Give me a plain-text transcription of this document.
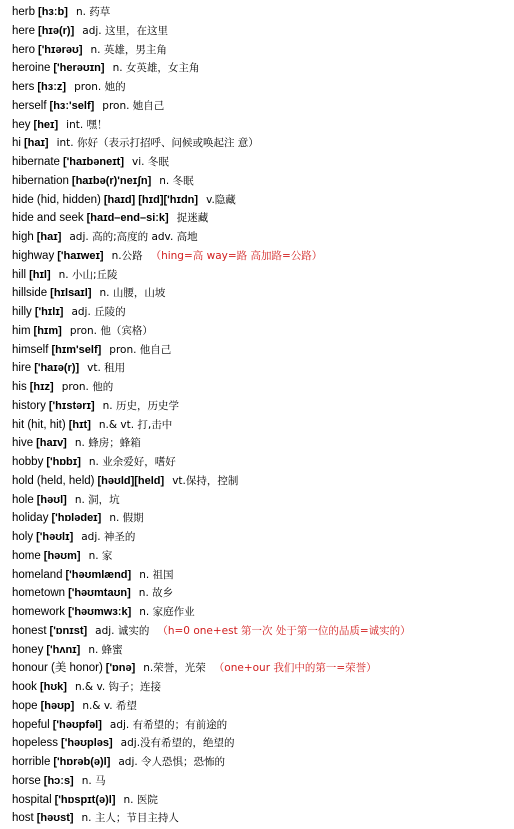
herb [hɜːb] n. 药草
here [hɪə(r)] adj. 这里，在这里
hero ['hɪərəʊ] n. 英雄，男主角
heroine ['herəʊɪn] n. 女英雄，女主角
hers [hɜːz] pron. 她的
herself [hɜː'self] pron. 她自己
hey [heɪ] int. 嘿！
hi [haɪ] int. 你好（表示打招呼、问候或唤起注 意）
hibernate ['haɪbəneɪt] vi. 冬眠
hibernation [haɪbə(r)'neɪʃn] n. 冬眠
hide (hid, hidden) [haɪd] [hɪd]['hɪdn] v.隐藏
hide and seek [haɪd–end–siːk] 捉迷藏
high [haɪ] adj. 高的;高度的 adv. 高地
highway ['haɪweɪ] n.公路 （hing=高 way=路 高加路=公路）
hill [hɪl] n. 小山;丘陵
hillside [hɪlsaɪl] n. 山腰，山坡
hilly ['hɪlɪ] adj. 丘陵的
him [hɪm] pron. 他（宾格）
himself [hɪm'self] pron. 他自己
hire ['haɪə(r)] vt. 租用
his [hɪz] pron. 他的
history ['hɪstərɪ] n. 历史，历史学
hit (hit, hit) [hɪt] n.& vt. 打,击中
hive [haɪv] n. 蜂房；蜂箱
hobby ['hɒbɪ] n. 业余爱好，嗜好
hold (held, held) [həʊld][held] vt.保持，控制
hole [həʊl] n. 洞，坑
holiday ['hɒlədeɪ] n. 假期
holy ['həʊlɪ] adj. 神圣的
home [həʊm] n. 家
homeland ['həʊmlænd] n. 祖国
hometown ['həʊmtaʊn] n. 故乡
homework ['həʊmwɜːk] n. 家庭作业
honest ['ɒnɪst] adj. 诚实的 （h=0 one+est 第一次 处于第一位的品质=诚实的）
honey ['hʌnɪ] n. 蜂蜜
honour (美 honor) ['ɒnə] n.荣誉，光荣 （one+our 我们中的第一=荣誉）
hook [hʊk] n.& v. 钩子；连接
hope [həʊp] n.& v. 希望
hopeful ['həʊpfəl] adj. 有希望的；有前途的
hopeless ['həʊpləs] adj.没有希望的，绝望的
horrible ['hɒrəb(ə)l] adj. 令人恐惧；恐怖的
horse [hɔːs] n. 马
hospital ['hɒspɪt(ə)l] n. 医院
host [həʊst] n. 主人；节目主持人
